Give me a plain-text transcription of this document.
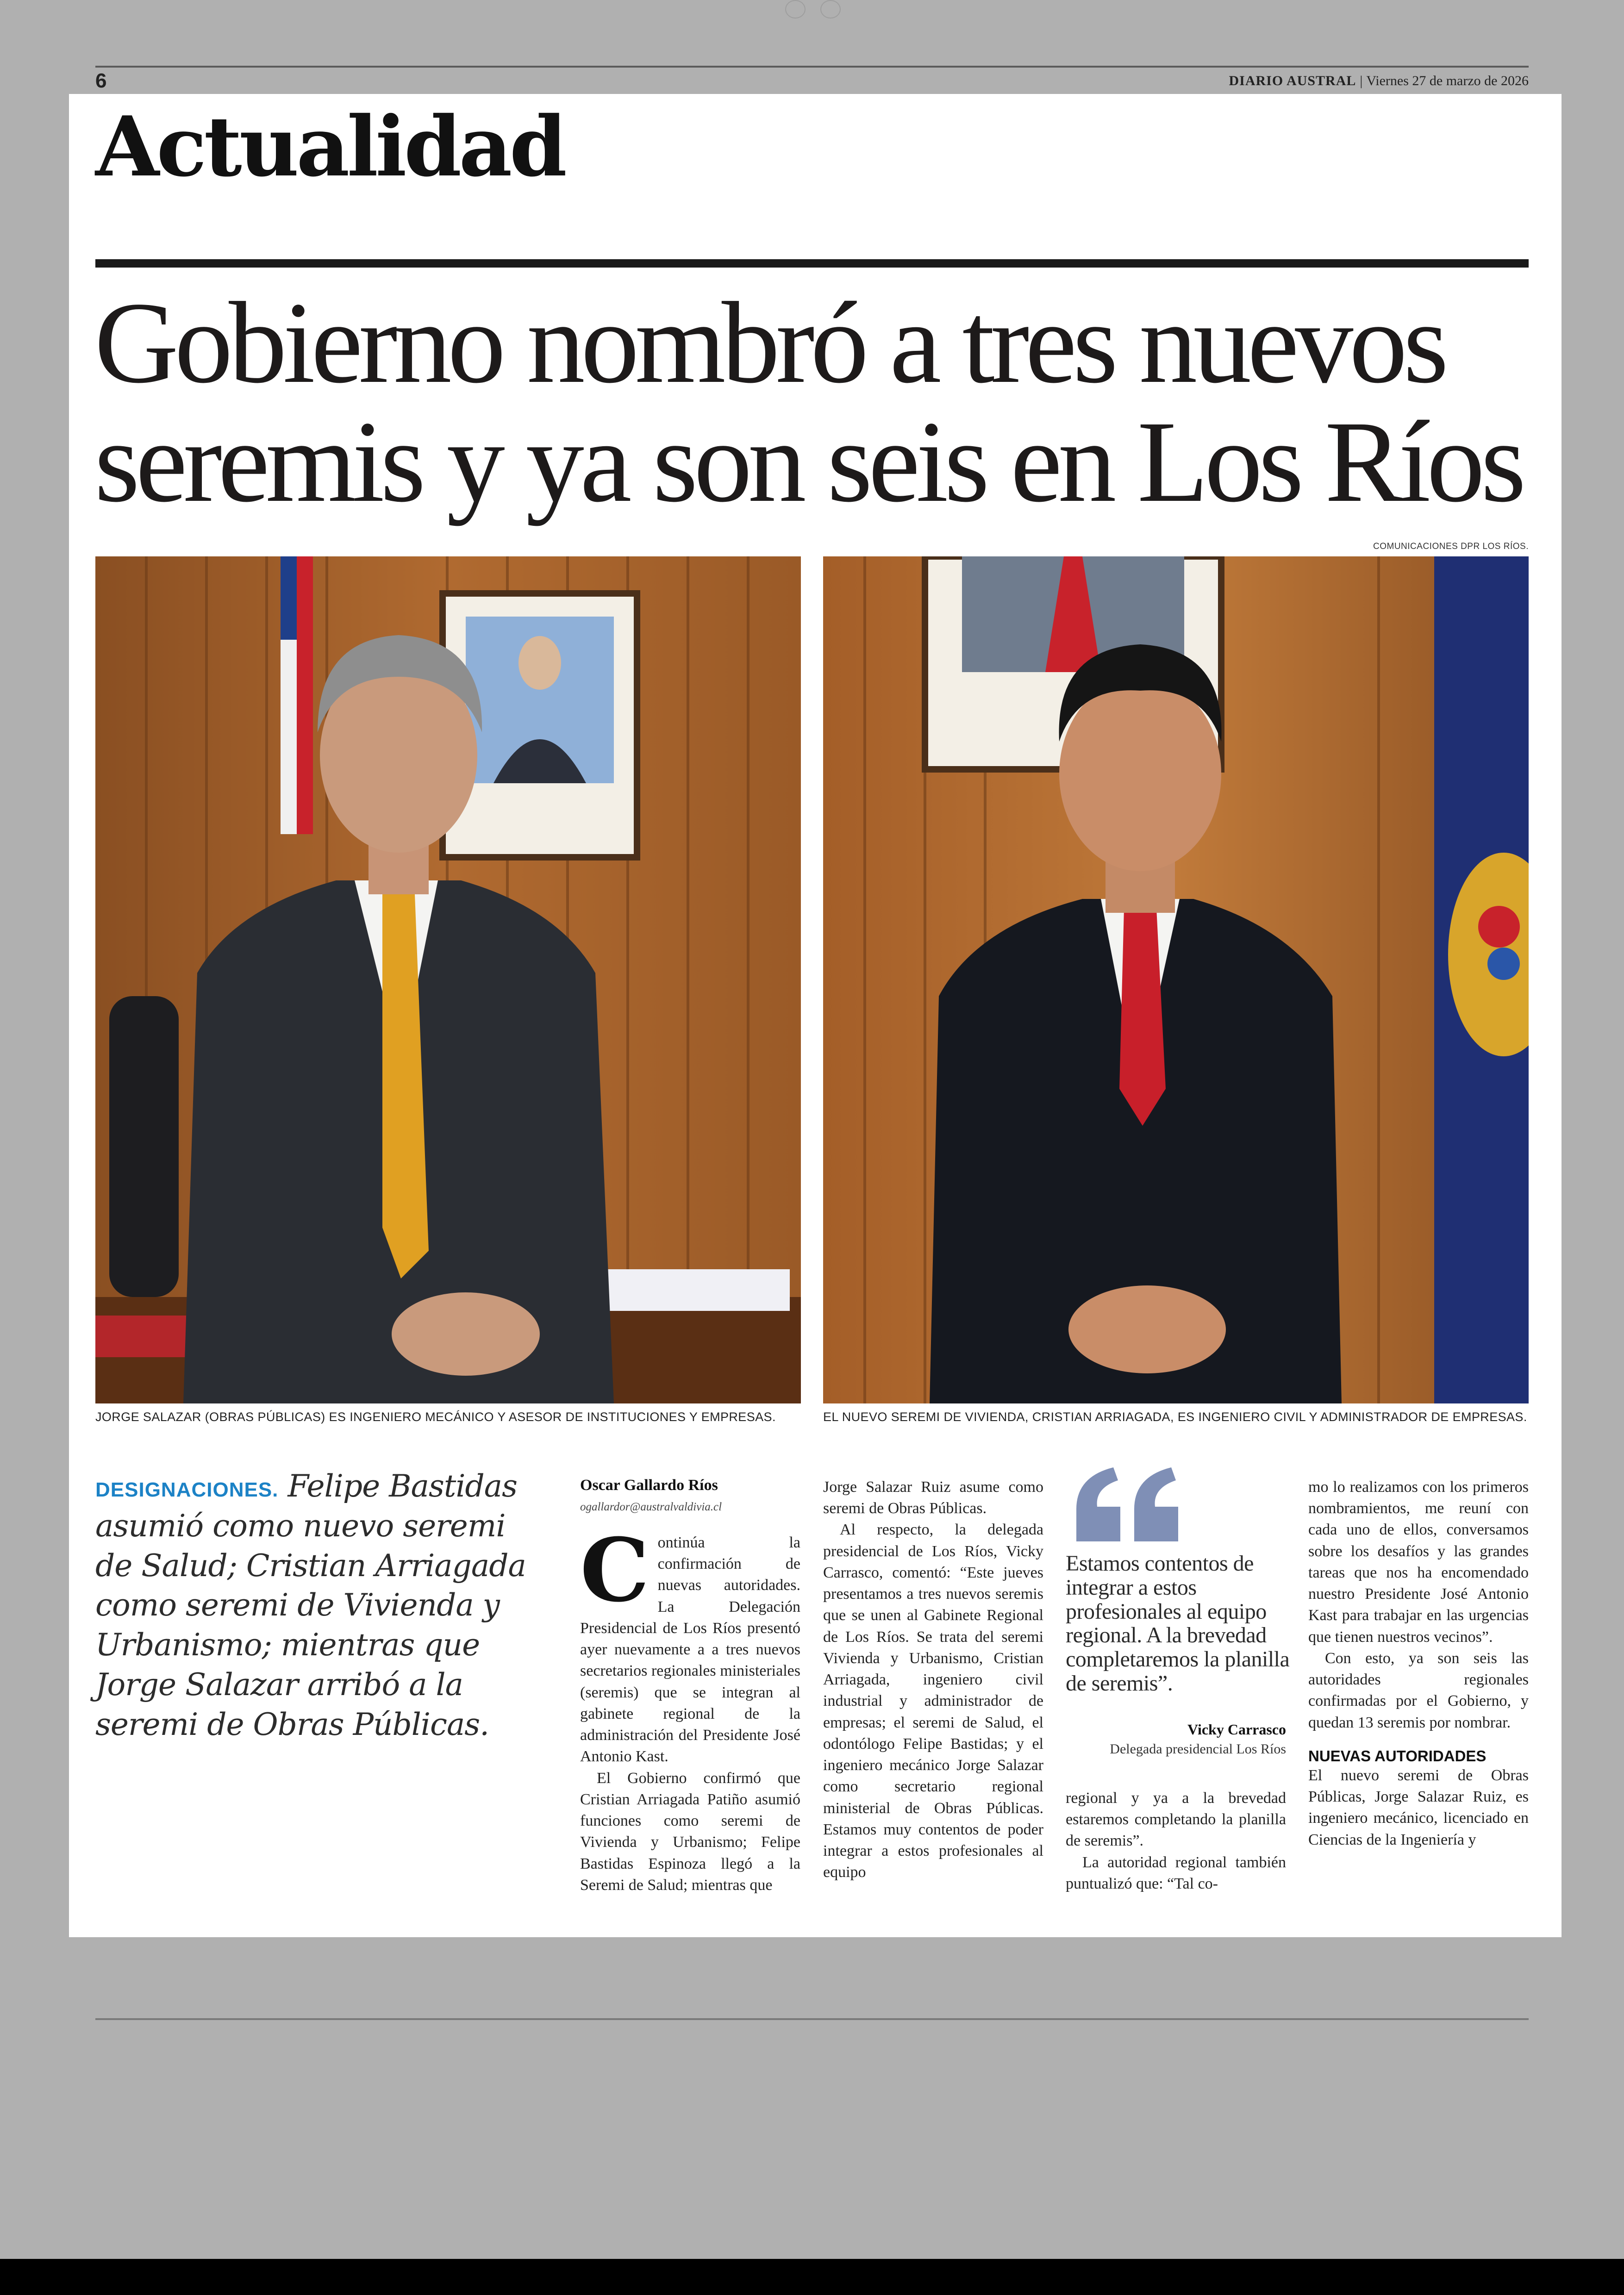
6	DIARIO AUSTRAL | Viernes 27 de marzo de 2026
Actualidad
Gobierno nombró a tres nuevos
seremis y ya son seis en Los Ríos
COMUNICACIONES DPR LOS RÍOS.
JORGE SALAZAR (OBRAS PÚBLICAS) ES INGENIERO MECÁNICO Y ASESOR DE INSTITUCIONES Y EMPRESAS.	EL NUEVO SEREMI DE VIVIENDA, CRISTIAN ARRIAGADA, ES INGENIERO CIVIL Y ADMINISTRADOR DE EMPRESAS.
DESIGNACIONES. Felipe Bastidas asumió como nuevo seremi de Salud; Cristian Arriagada como seremi de Vivienda y Urbanismo; mientras que Jorge Salazar arribó a la seremi de Obras Públicas.
Oscar Gallardo Ríos
ogallardor@australvaldivia.cl

Continúa la confirmación de nuevas autoridades. La Delegación Presidencial de Los Ríos presentó ayer nuevamente a a tres nuevos secretarios regionales ministeriales (seremis) que se integran al gabinete regional de la administración del Presidente José Antonio Kast.

El Gobierno confirmó que Cristian Arriagada Patiño asumió funciones como seremi de Vivienda y Urbanismo; Felipe Bastidas Espinoza llegó a la Seremi de Salud; mientras que

Jorge Salazar Ruiz asume como seremi de Obras Públicas.

Al respecto, la delegada presidencial de Los Ríos, Vicky Carrasco, comentó: “Este jueves presentamos a tres nuevos seremis que se unen al Gabinete Regional de Los Ríos. Se trata del seremi Vivienda y Urbanismo, Cristian Arriagada, ingeniero civil industrial y administrador de empresas; el seremi de Salud, el odontólogo Felipe Bastidas; y el ingeniero mecánico Jorge Salazar como secretario regional ministerial de Obras Públicas. Estamos muy contentos de poder integrar a estos profesionales al equipo

Estamos contentos de integrar a estos profesionales al equipo regional. A la brevedad completaremos la planilla de seremis”.
Vicky Carrasco
Delegada presidencial Los Ríos

regional y ya a la brevedad estaremos completando la planilla de seremis”.

La autoridad regional también puntualizó que: “Tal co-

mo lo realizamos con los primeros nombramientos, me reuní con cada uno de ellos, conversamos sobre los desafíos y las grandes tareas que nos ha encomendado nuestro Presidente José Antonio Kast para trabajar en las urgencias que tienen nuestros vecinos”.

Con esto, ya son seis las autoridades regionales confirmadas por el Gobierno, y quedan 13 seremis por nombrar.

NUEVAS AUTORIDADES

El nuevo seremi de Obras Públicas, Jorge Salazar Ruiz, es ingeniero mecánico, licenciado en Ciencias de la Ingeniería y
